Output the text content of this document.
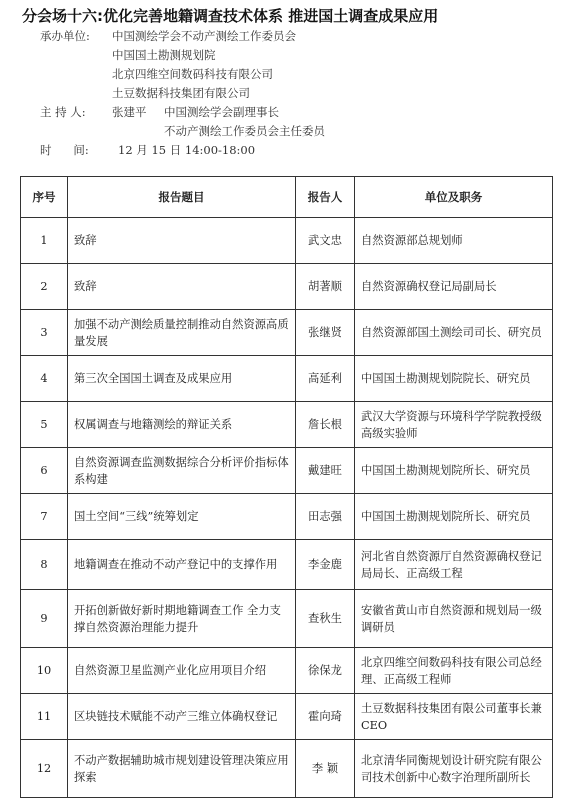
分会场十六:优化完善地籍调查技术体系 推进国土调查成果应用
承办单位: 中国测绘学会不动产测绘工作委员会
中国国土勘测规划院
北京四维空间数码科技有限公司
土豆数据科技集团有限公司
主 持 人: 张建平 中国测绘学会副理事长
不动产测绘工作委员会主任委员
时      间:	12 月 15 日 14:00-18:00
序号	报告题目	报告人	单位及职务
1	致辞	武文忠	自然资源部总规划师
2	致辞	胡著顺	自然资源确权登记局副局长
3	加强不动产测绘质量控制推动自然资源高质量发展	张继贤	自然资源部国土测绘司司长、研究员
4	第三次全国国土调查及成果应用	高延利	中国国土勘测规划院院长、研究员
5	权属调查与地籍测绘的辩证关系	詹长根	武汉大学资源与环境科学学院教授级高级实验师
6	自然资源调查监测数据综合分析评价指标体系构建	戴建旺	中国国土勘测规划院所长、研究员
7	国土空间“三线”统筹划定	田志强	中国国土勘测规划院所长、研究员
8	地籍调查在推动不动产登记中的支撑作用	李金鹿	河北省自然资源厅自然资源确权登记局局长、正高级工程
9	开拓创新做好新时期地籍调查工作 全力支撑自然资源治理能力提升	查秋生	安徽省黄山市自然资源和规划局一级调研员
10	自然资源卫星监测产业化应用项目介绍	徐保龙	北京四维空间数码科技有限公司总经理、正高级工程师
11	区块链技术赋能不动产三维立体确权登记	霍向琦	土豆数据科技集团有限公司董事长兼 CEO
12	不动产数据辅助城市规划建设管理决策应用探索	李 颖	北京清华同衡规划设计研究院有限公司技术创新中心数字治理所副所长
